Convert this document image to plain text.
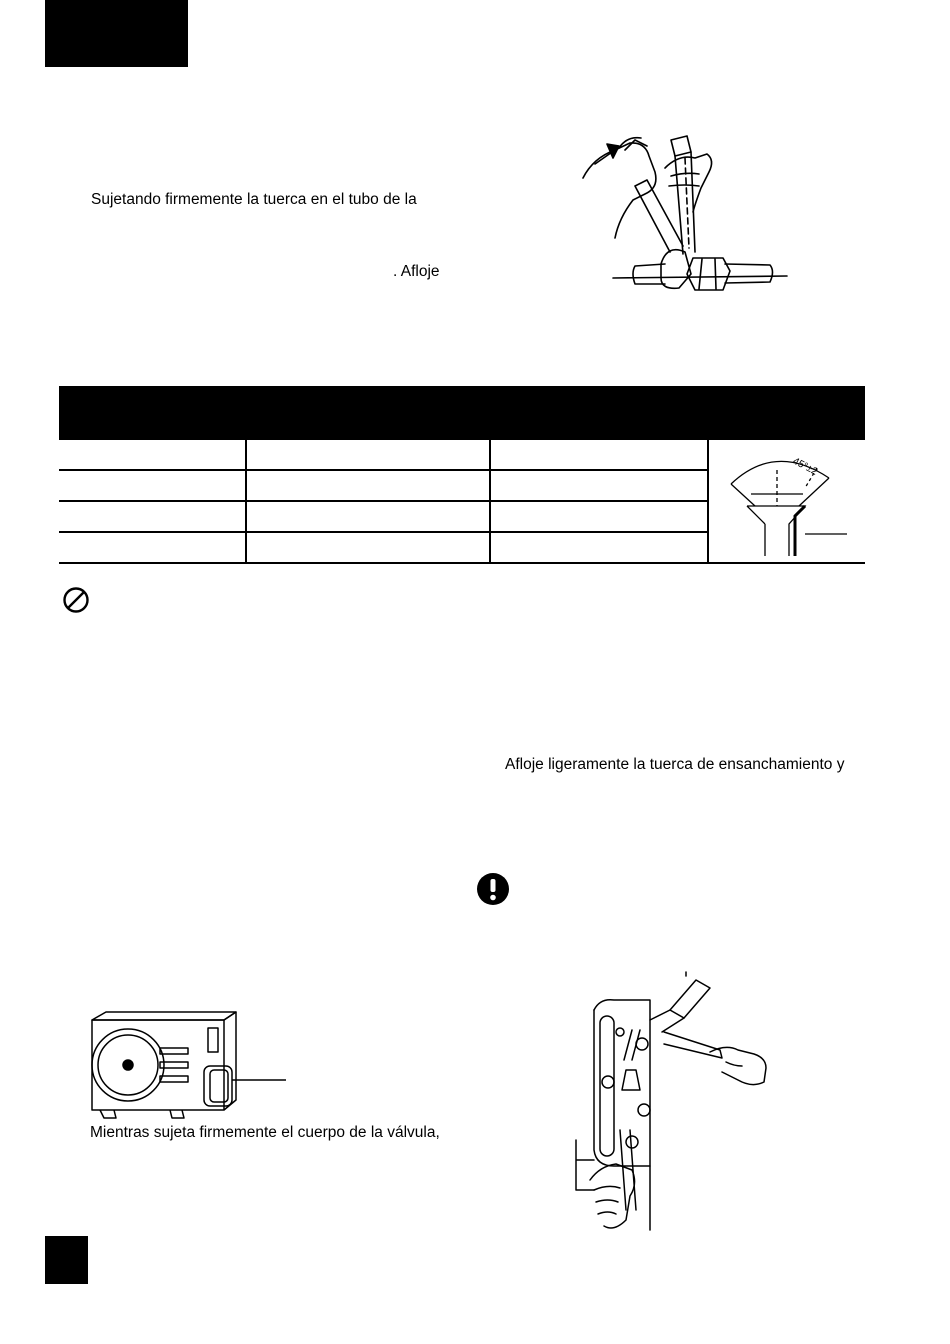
Sujetando firmemente la tuerca en el tubo de la
. Afloje

45°±2

Afloje ligeramente la tuerca de ensanchamiento y
Mientras sujeta firmemente el cuerpo de la válvula,
